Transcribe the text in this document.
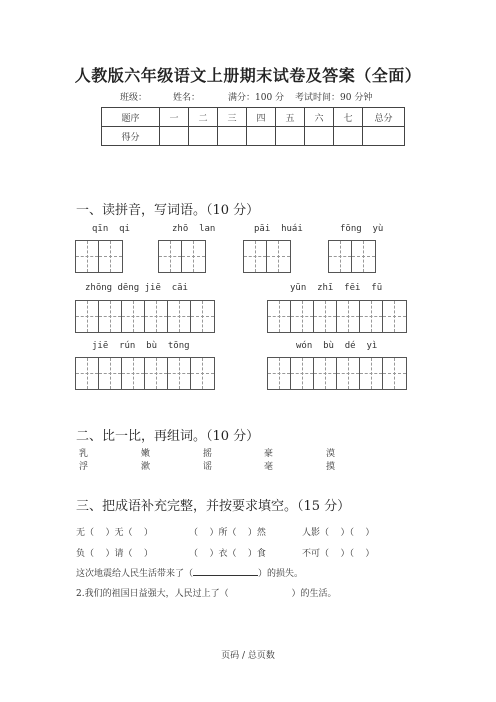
人教版六年级语文上册期末试卷及答案（全面）
班级：	姓名：	满分：100 分 考试时间：90 分钟
题序	一	二	三	四	五	六	七	总分
得分								
一、读拼音，写词语。（10 分）
qīn  qi	zhō  lan	pāi  huái	fōng  yù
zhōng dēng jiē  cāi	yūn  zhī  fēi  fū
jiē  rún  bù  tōng	wón  bù  dé  yì
二、比一比，再组词。（10 分）
乳	嫩	摇	豪	漠
浮	漱	谣	毫	摸
三、把成语补充完整，并按要求填空。（15 分）
无（    ）无（    ）	（    ）所（    ）然	人影（    ）（    ）
负（    ）请（    ）	（    ）衣（    ）食	不可（    ）（    ）
这次地震给人民生活带来了（	）的损失。
2.我们的祖国日益强大，人民过上了（                      ）的生活。
页码 / 总页数
